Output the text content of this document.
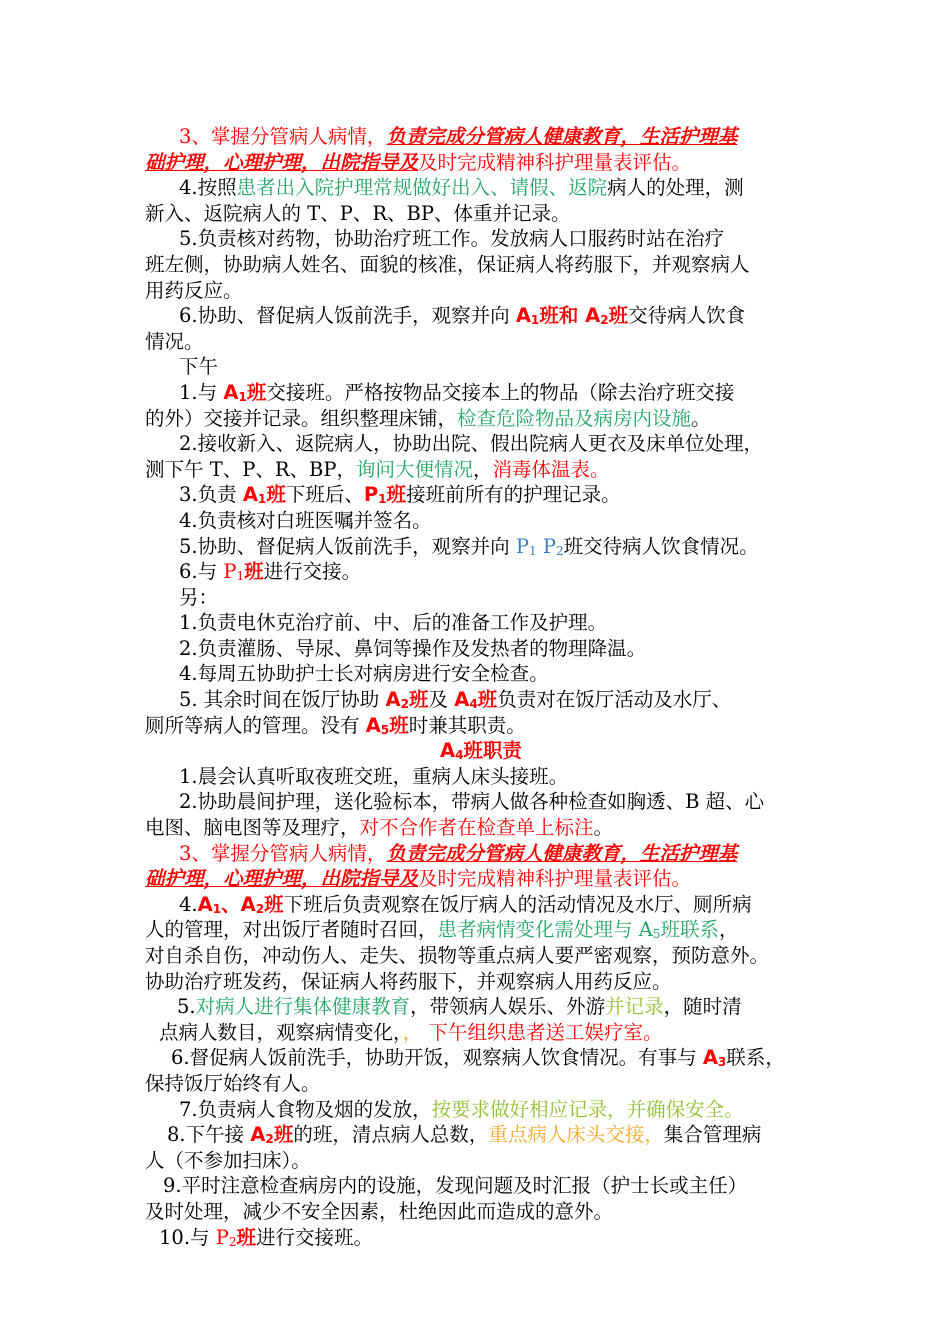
3、掌握分管病人病情，负责完成分管病人健康教育，生活护理基
础护理，心理护理，出院指导及及时完成精神科护理量表评估。
4.按照患者出入院护理常规做好出入、请假、返院病人的处理，测
新入、返院病人的 T、P、R、BP、体重并记录。
5.负责核对药物，协助治疗班工作。发放病人口服药时站在治疗
班左侧，协助病人姓名、面貌的核准，保证病人将药服下，并观察病人
用药反应。
6.协助、督促病人饭前洗手，观察并向 $A_1$班和 $A_2$班交待病人饮食
情况。
下午
1.与 $A_1$班交接班。严格按物品交接本上的物品（除去治疗班交接
的外）交接并记录。组织整理床铺，检查危险物品及病房内设施。
2.接收新入、返院病人，协助出院、假出院病人更衣及床单位处理，
测下午 T、P、R、BP，询问大便情况，消毒体温表。
3.负责 $A_1$班下班后、$P_1$班接班前所有的护理记录。
4.负责核对白班医嘱并签名。
5.协助、督促病人饭前洗手，观察并向 $P_1$ $P_2$班交待病人饮食情况。
6.与 $P_1$班进行交接。
另：
1.负责电休克治疗前、中、后的准备工作及护理。
2.负责灌肠、导尿、鼻饲等操作及发热者的物理降温。
4.每周五协助护士长对病房进行安全检查。
5. 其余时间在饭厅协助 $A_2$班及 $A_4$班负责对在饭厅活动及水厅、
厕所等病人的管理。没有 $A_5$班时兼其职责。
$A_4$班职责
1.晨会认真听取夜班交班，重病人床头接班。
2.协助晨间护理，送化验标本，带病人做各种检查如胸透、B 超、心
电图、脑电图等及理疗，对不合作者在检查单上标注。
3、掌握分管病人病情，负责完成分管病人健康教育，生活护理基
础护理，心理护理，出院指导及及时完成精神科护理量表评估。
$4.A_1$、$A_2$班下班后负责观察在饭厅病人的活动情况及水厅、厕所病
人的管理，对出饭厅者随时召回，患者病情变化需处理与 $A_5$班联系，
对自杀自伤，冲动伤人、走失、损物等重点病人要严密观察，预防意外。
协助治疗班发药，保证病人将药服下，并观察病人用药反应。
5.对病人进行集体健康教育，带领病人娱乐、外游并记录，随时清
点病人数目，观察病情变化，， 下午组织患者送工娱疗室。
6.督促病人饭前洗手，协助开饭，观察病人饮食情况。有事与 $A_3$联系，
保持饭厅始终有人。
7.负责病人食物及烟的发放，按要求做好相应记录，并确保安全。
8.下午接 $A_2$班的班，清点病人总数，重点病人床头交接，集合管理病
人（不参加扫床）。
9.平时注意检查病房内的设施，发现问题及时汇报（护士长或主任）
及时处理，减少不安全因素，杜绝因此而造成的意外。
10.与 $P_2$班进行交接班。
